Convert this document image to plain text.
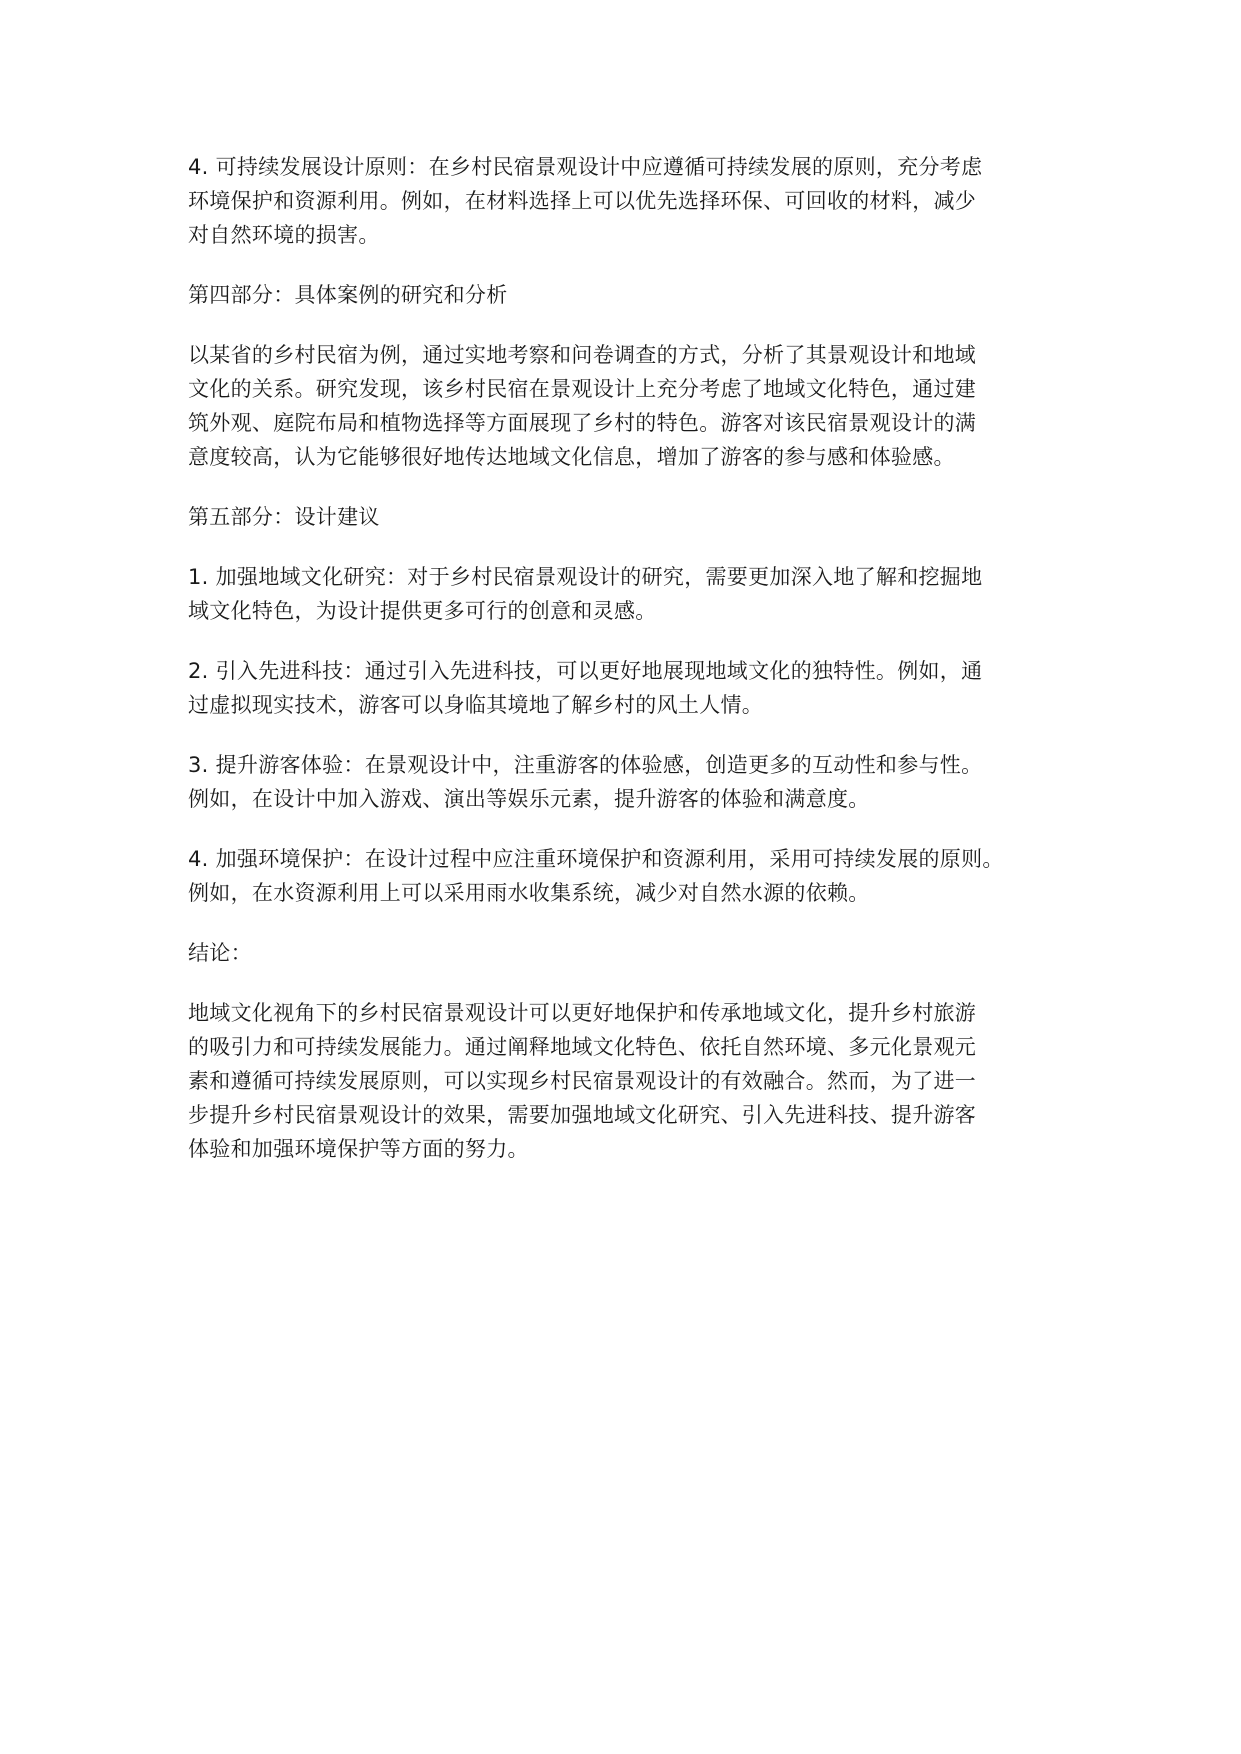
4. 可持续发展设计原则：在乡村民宿景观设计中应遵循可持续发展的原则，充分考虑
环境保护和资源利用。例如，在材料选择上可以优先选择环保、可回收的材料，减少
对自然环境的损害。
第四部分：具体案例的研究和分析
以某省的乡村民宿为例，通过实地考察和问卷调查的方式，分析了其景观设计和地域
文化的关系。研究发现，该乡村民宿在景观设计上充分考虑了地域文化特色，通过建
筑外观、庭院布局和植物选择等方面展现了乡村的特色。游客对该民宿景观设计的满
意度较高，认为它能够很好地传达地域文化信息，增加了游客的参与感和体验感。
第五部分：设计建议
1. 加强地域文化研究：对于乡村民宿景观设计的研究，需要更加深入地了解和挖掘地
域文化特色，为设计提供更多可行的创意和灵感。
2. 引入先进科技：通过引入先进科技，可以更好地展现地域文化的独特性。例如，通
过虚拟现实技术，游客可以身临其境地了解乡村的风土人情。
3. 提升游客体验：在景观设计中，注重游客的体验感，创造更多的互动性和参与性。
例如，在设计中加入游戏、演出等娱乐元素，提升游客的体验和满意度。
4. 加强环境保护：在设计过程中应注重环境保护和资源利用，采用可持续发展的原则。
例如，在水资源利用上可以采用雨水收集系统，减少对自然水源的依赖。
结论：
地域文化视角下的乡村民宿景观设计可以更好地保护和传承地域文化，提升乡村旅游
的吸引力和可持续发展能力。通过阐释地域文化特色、依托自然环境、多元化景观元
素和遵循可持续发展原则，可以实现乡村民宿景观设计的有效融合。然而，为了进一
步提升乡村民宿景观设计的效果，需要加强地域文化研究、引入先进科技、提升游客
体验和加强环境保护等方面的努力。
